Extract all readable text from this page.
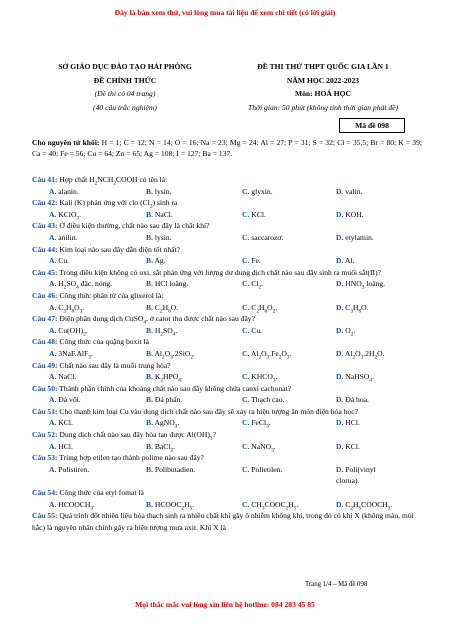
Đây là bản xem thử, vui lòng mua tài liệu để xem chi tiết (có lời giải)
SỞ GIÁO DỤC ĐÀO TẠO HẢI PHÒNG
ĐỀ CHÍNH THỨC
(Đề thi có 04 trang)
(40 câu trắc nghiệm)
ĐỀ THI THỬ THPT QUỐC GIA LẦN 1
NĂM HỌC 2022-2023
Môn: HOÁ HỌC
Thời gian: 50 phút (không tính thời gian phát đề)
Mã đề 098
Cho nguyên tử khối: H = 1; C = 12; N = 14; O = 16; Na = 23; Mg = 24; Al = 27; P = 31; S = 32; Cl = 35,5; Br = 80; K = 39; Ca = 40; Fe = 56; Cu = 64; Zn = 65; Ag = 108; I = 127; Ba = 137.
Câu 41: Hợp chất $H_2NCH_2COOH$ có tên là:
A. alanin.	B. lysin.	C. glyxin.	D. valin.
Câu 42: Kali (K) phản ứng với clo $(Cl_2)$ sinh ra
A. KClO$_3$.	B. NaCl.	C. KCl.	D. KOH.
Câu 43: Ở điều kiện thường, chất nào sau đây là chất khí?
A. anilin.	B. lysin.	C. saccarozơ.	D. etylamin.
Câu 44: Kim loại nào sau đây dẫn điện tốt nhất?
A. Cu.	B. Ag.	C. Fe.	D. Al.
Câu 45: Trong điều kiện không có oxi, sắt phản ứng với lượng dư dung dịch chất nào sau đây sinh ra muối sắt(II)?
A. $H_2SO_4$ đặc, nóng.	B. HCl loãng.	C. $Cl_2$.	D. $HNO_3$ loãng.
Câu 46: Công thức phân tử của glixerol là:
A. $C_3H_8O_3$.	B. $C_2H_6O$.	C. $C_2H_6O_2$.	D. $C_3H_8O$.
Câu 47: Điện phân dung dịch CuSO$_4$, ở catot thu được chất nào sau đây?
A. $Cu(OH)_2$.	B. $H_2SO_4$.	C. Cu.	D. $O_2$.
Câu 48: Công thức của quặng boxit là
A. 3NaF.AlF$_3$.	B. $Al_2O_3.2SiO_2$.	C. $Al_2O_3.Fe_2O_3$.	D. $Al_2O_3.2H_2O$.
Câu 49: Chất nào sau đây là muối trung hòa?
A. NaCl.	B. $K_2HPO_4$.	C. $KHCO_3$.	D. NaHSO$_4$.
Câu 50: Thành phần chính của khoáng chất nào sau đây không chứa canxi cachonat?
A. Đá vôi.	B. Đá phấn.	C. Thạch cao.	D. Đá hoa.
Câu 51: Cho thanh kim loại Cu vào dung dịch chất nào sau đây sẽ xảy ra hiện tượng ăn mòn điện hóa học?
A. KCl.	B. AgNO$_3$.	C. FeCl$_3$.	D. HCl.
Câu 52: Dung dịch chất nào sau đây hòa tan được $Al(OH)_3$?
A. HCl.	B. BaCl$_2$.	C. NaNO$_3$.	D. KCl.
Câu 53: Trùng hợp etilen tạo thành polime nào sau đây?
A. Polistiren.	B. Polibutadien.	C. Polietilen.	D. Poli(vinyl clorua).
Câu 54: Công thức của etyl fomat là
A. $HCOOCH_3$.	B. $HCOOC_2H_5$.	C. $CH_3COOC_2H_5$.	D. $C_2H_5COOCH_3$.
Câu 55: Quá trình đốt nhiên liệu hóa thạch sinh ra nhiều chất khí gây ô nhiễm không khí, trong đó có khí X (không màu, mùi hắc) là nguyên nhân chính gây ra hiện tượng mưa axit. Khí X là
Trang 1/4 – Mã đề 098
Mọi thắc mắc vui lòng xin liên hệ hotline: 084 283 45 85
